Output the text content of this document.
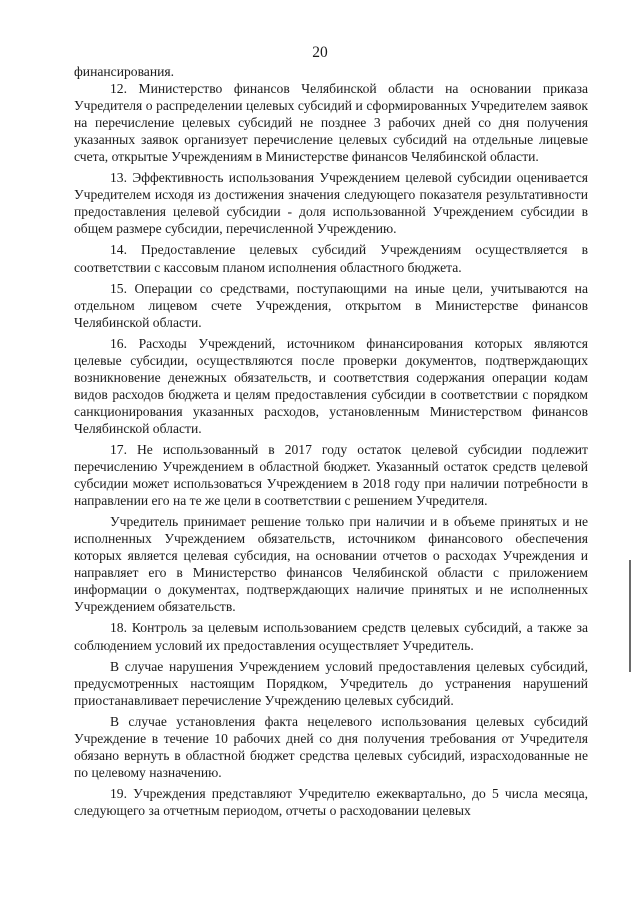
20

финансирования.

12. Министерство финансов Челябинской области на основании приказа Учредителя о распределении целевых субсидий и сформированных Учредителем заявок на перечисление целевых субсидий не позднее 3 рабочих дней со дня получения указанных заявок организует перечисление целевых субсидий на отдельные лицевые счета, открытые Учреждениям в Министерстве финансов Челябинской области.

13. Эффективность использования Учреждением целевой субсидии оценивается Учредителем исходя из достижения значения следующего показателя результативности предоставления целевой субсидии - доля использованной Учреждением субсидии в общем размере субсидии, перечисленной Учреждению.

14. Предоставление целевых субсидий Учреждениям осуществляется в соответствии с кассовым планом исполнения областного бюджета.

15. Операции со средствами, поступающими на иные цели, учитываются на отдельном лицевом счете Учреждения, открытом в Министерстве финансов Челябинской области.

16. Расходы Учреждений, источником финансирования которых являются целевые субсидии, осуществляются после проверки документов, подтверждающих возникновение денежных обязательств, и соответствия содержания операции кодам видов расходов бюджета и целям предоставления субсидии в соответствии с порядком санкционирования указанных расходов, установленным Министерством финансов Челябинской области.

17. Не использованный в 2017 году остаток целевой субсидии подлежит перечислению Учреждением в областной бюджет. Указанный остаток средств целевой субсидии может использоваться Учреждением в 2018 году при наличии потребности в направлении его на те же цели в соответствии с решением Учредителя.

Учредитель принимает решение только при наличии и в объеме принятых и не исполненных Учреждением обязательств, источником финансового обеспечения которых является целевая субсидия, на основании отчетов о расходах Учреждения и направляет его в Министерство финансов Челябинской области с приложением информации о документах, подтверждающих наличие принятых и не исполненных Учреждением обязательств.

18. Контроль за целевым использованием средств целевых субсидий, а также за соблюдением условий их предоставления осуществляет Учредитель.

В случае нарушения Учреждением условий предоставления целевых субсидий, предусмотренных настоящим Порядком, Учредитель до устранения нарушений приостанавливает перечисление Учреждению целевых субсидий.

В случае установления факта нецелевого использования целевых субсидий Учреждение в течение 10 рабочих дней со дня получения требования от Учредителя обязано вернуть в областной бюджет средства целевых субсидий, израсходованные не по целевому назначению.

19. Учреждения представляют Учредителю ежеквартально, до 5 числа месяца, следующего за отчетным периодом, отчеты о расходовании целевых
